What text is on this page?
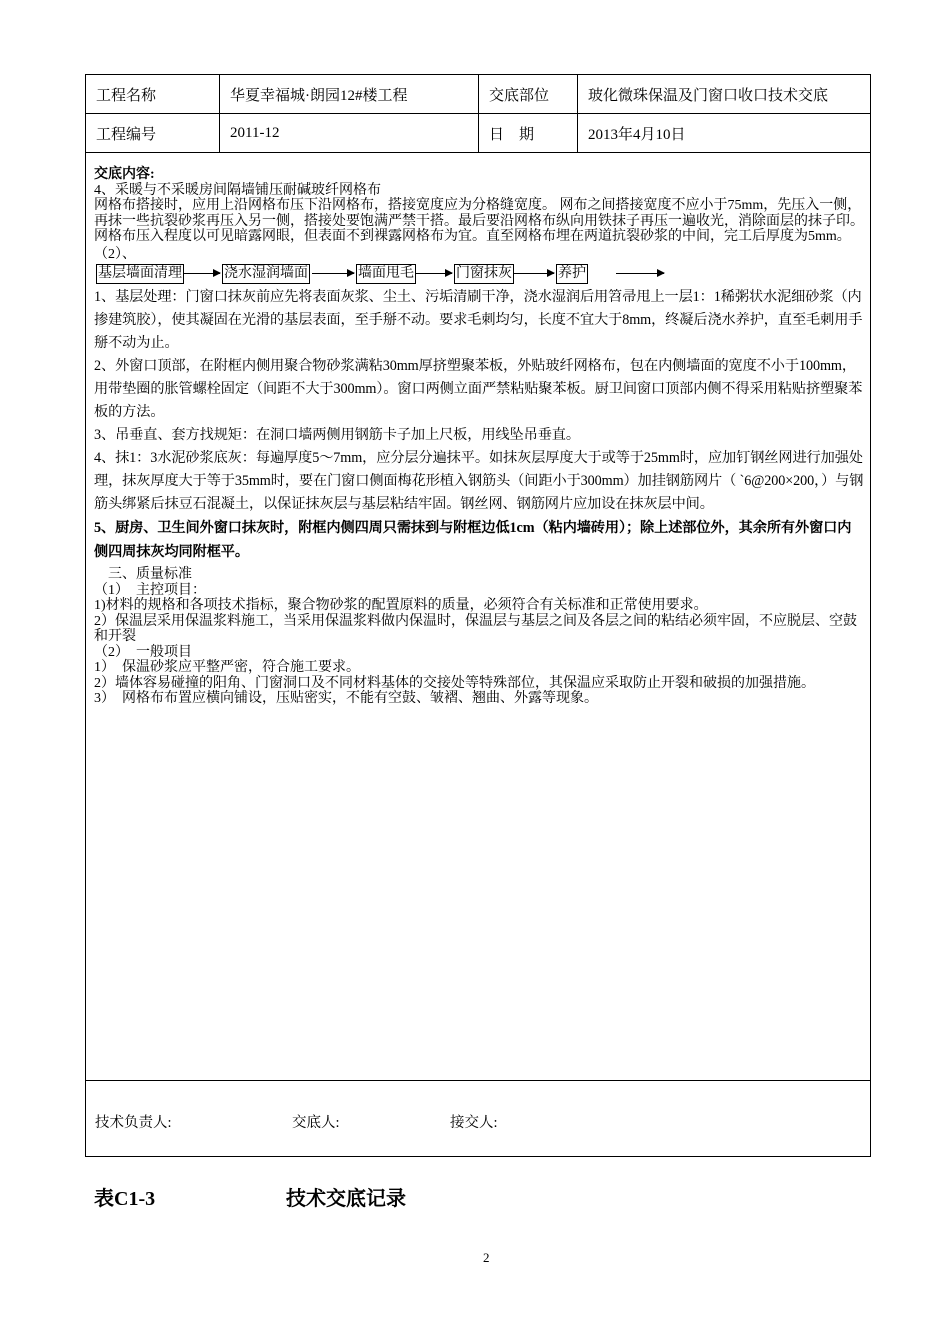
工程名称	华夏幸福城·朗园12#楼工程	交底部位	玻化微珠保温及门窗口收口技术交底
工程编号	2011-12	日　期	2013年4月10日

交底内容:

4、采暖与不采暖房间隔墙铺压耐碱玻纤网格布

网格布搭接时，应用上沿网格布压下沿网格布，搭接宽度应为分格缝宽度。 网布之间搭接宽度不应小于75mm，先压入一侧，再抹一些抗裂砂浆再压入另一侧，搭接处要饱满严禁干搭。最后要沿网格布纵向用铁抹子再压一遍收光，消除面层的抹子印。网格布压入程度以可见暗露网眼，但表面不到裸露网格布为宜。直至网格布埋在两道抗裂砂浆的中间，完工后厚度为5mm。

（2）、

基层墙面清理	浇水湿润墙面	墙面甩毛	门窗抹灰	养护

1、基层处理：门窗口抹灰前应先将表面灰浆、尘土、污垢清刷干净，浇水湿润后用笤帚甩上一层1：1稀粥状水泥细砂浆（内掺建筑胶），使其凝固在光滑的基层表面，至手掰不动。要求毛刺均匀，长度不宜大于8mm，终凝后浇水养护，直至毛刺用手掰不动为止。

2、外窗口顶部，在附框内侧用聚合物砂浆满粘30mm厚挤塑聚苯板，外贴玻纤网格布，包在内侧墙面的宽度不小于100mm，用带垫圈的胀管螺栓固定（间距不大于300mm）。窗口两侧立面严禁粘贴聚苯板。厨卫间窗口顶部内侧不得采用粘贴挤塑聚苯板的方法。

3、吊垂直、套方找规矩：在洞口墙两侧用钢筋卡子加上尺板，用线坠吊垂直。

4、抹1：3水泥砂浆底灰：每遍厚度5～7mm，应分层分遍抹平。如抹灰层厚度大于或等于25mm时，应加钉钢丝网进行加强处理，抹灰厚度大于等于35mm时，要在门窗口侧面梅花形植入钢筋头（间距小于300mm）加挂钢筋网片（ `6@200×200，）与钢筋头绑紧后抹豆石混凝土，以保证抹灰层与基层粘结牢固。钢丝网、钢筋网片应加设在抹灰层中间。

5、厨房、卫生间外窗口抹灰时，附框内侧四周只需抹到与附框边低1cm（粘内墙砖用）；除上述部位外，其余所有外窗口内侧四周抹灰均同附框平。

　三、质量标准

（1）　主控项目：

1)材料的规格和各项技术指标，聚合物砂浆的配置原料的质量，必须符合有关标准和正常使用要求。

2）保温层采用保温浆料施工，当采用保温浆料做内保温时，保温层与基层之间及各层之间的粘结必须牢固，不应脱层、空鼓和开裂

（2）　一般项目

1）　保温砂浆应平整严密，符合施工要求。

2）墙体容易碰撞的阳角、门窗洞口及不同材料基体的交接处等特殊部位，其保温应采取防止开裂和破损的加强措施。

3）　网格布布置应横向铺设，压贴密实，不能有空鼓、皱褶、翘曲、外露等现象。

技术负责人:	交底人:	接交人:
表C1-3	技术交底记录
2
